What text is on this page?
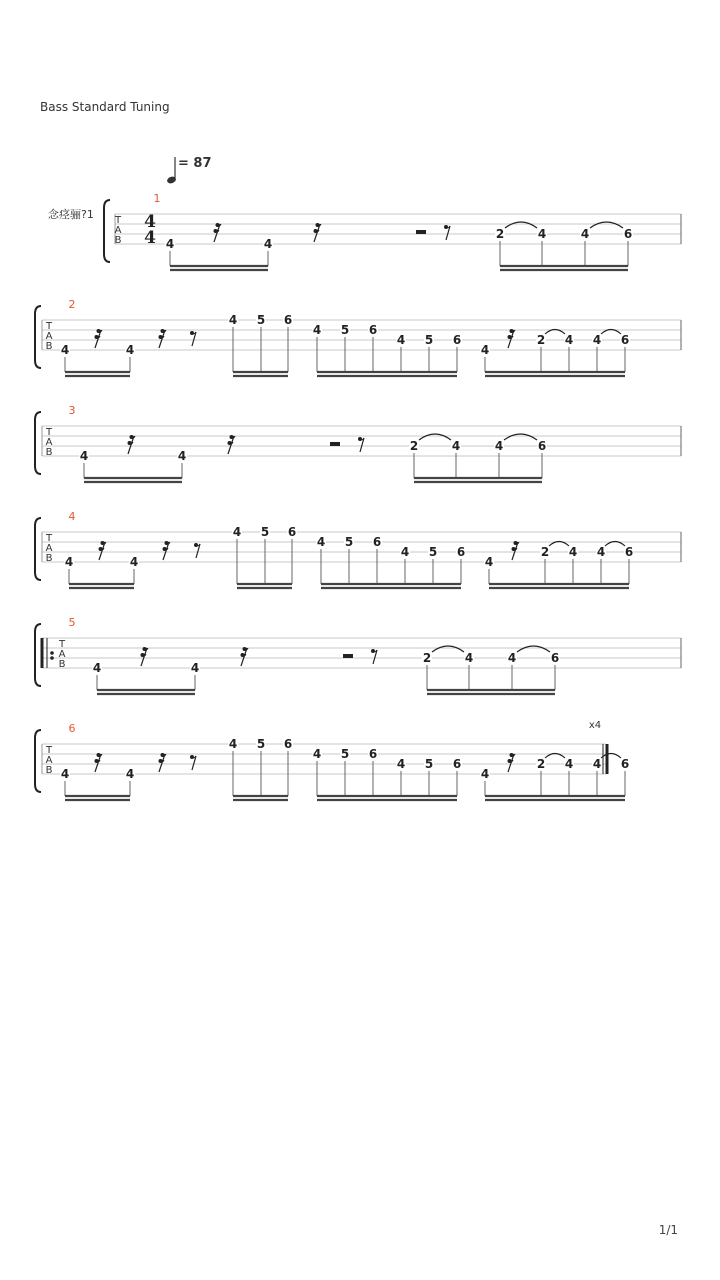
Bass Standard Tuning
= 87
念痉骊?1 T
A
B
1
4
4 4	4
2	4	4	6
T
A
B
2
4	4
4 5 6
4 5 6
4 5 6
4
2 4 4 6
T
A
B
3
4	4
2	4	4	6
T
A
B
4
4	4
4 5 6
4 5 6
4 5 6
4
2 4 4 6
T
A
B
5
4	4
2	4	4	6
T
A
B
6	x4
4	4
4 5 6
4 5 6
4 5 6
4
2 4 4 6
1/1
